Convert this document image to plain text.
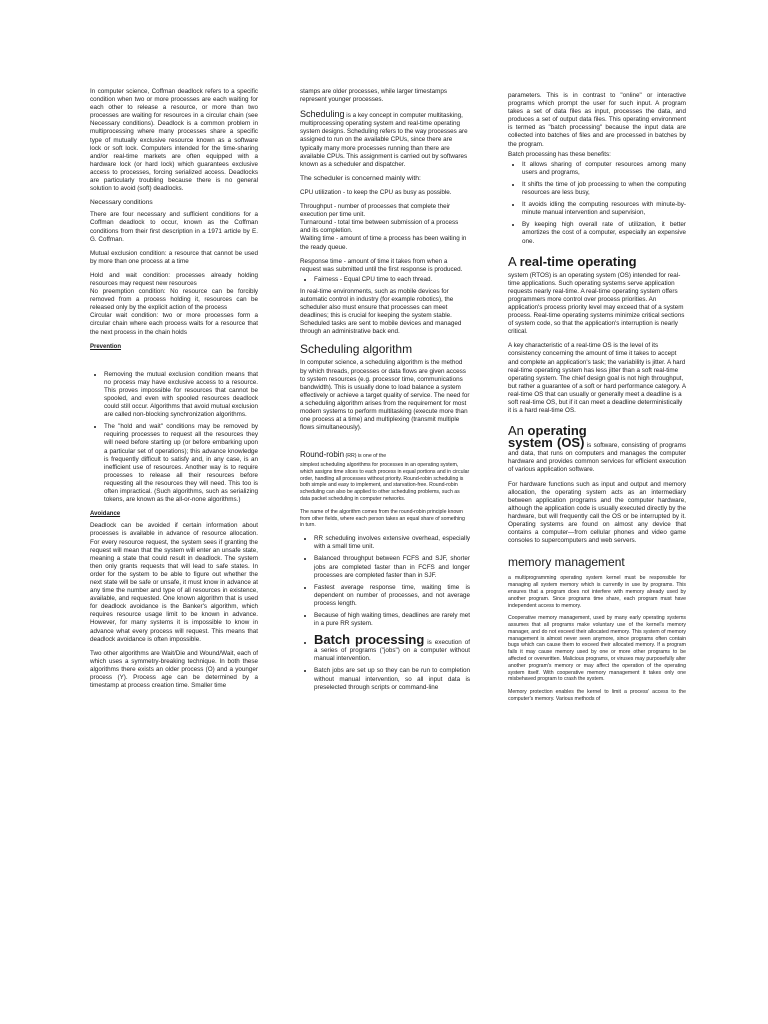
In computer science, Coffman deadlock refers to a specific condition when two or more processes are each waiting for each other to release a resource, or more than two processes are waiting for resources in a circular chain (see Necessary conditions). Deadlock is a common problem in multiprocessing where many processes share a specific type of mutually exclusive resource known as a software lock or soft lock. Computers intended for the time-sharing and/or real-time markets are often equipped with a hardware lock (or hard lock) which guarantees exclusive access to processes, forcing serialized access. Deadlocks are particularly troubling because there is no general solution to avoid (soft) deadlocks.

Necessary conditions

There are four necessary and sufficient conditions for a Coffman deadlock to occur, known as the Coffman conditions from their first description in a 1971 article by E. G. Coffman.

Mutual exclusion condition: a resource that cannot be used by more than one process at a time

Hold and wait condition: processes already holding resources may request new resources

No preemption condition: No resource can be forcibly removed from a process holding it, resources can be released only by the explicit action of the process

Circular wait condition: two or more processes form a circular chain where each process waits for a resource that the next process in the chain holds

Prevention
• Removing the mutual exclusion condition means that no process may have exclusive access to a resource. This proves impossible for resources that cannot be spooled, and even with spooled resources deadlock could still occur. Algorithms that avoid mutual exclusion are called non-blocking synchronization algorithms.
• The "hold and wait" conditions may be removed by requiring processes to request all the resources they will need before starting up (or before embarking upon a particular set of operations); this advance knowledge is frequently difficult to satisfy and, in any case, is an inefficient use of resources. Another way is to require processes to release all their resources before requesting all the resources they will need. This too is often impractical. (Such algorithms, such as serializing tokens, are known as the all-or-none algorithms.)
Avoidance

Deadlock can be avoided if certain information about processes is available in advance of resource allocation. For every resource request, the system sees if granting the request will mean that the system will enter an unsafe state, meaning a state that could result in deadlock. The system then only grants requests that will lead to safe states. In order for the system to be able to figure out whether the next state will be safe or unsafe, it must know in advance at any time the number and type of all resources in existence, available, and requested. One known algorithm that is used for deadlock avoidance is the Banker's algorithm, which requires resource usage limit to be known in advance. However, for many systems it is impossible to know in advance what every process will request. This means that deadlock avoidance is often impossible.

Two other algorithms are Wait/Die and Wound/Wait, each of which uses a symmetry-breaking technique. In both these algorithms there exists an older process (O) and a younger process (Y). Process age can be determined by a timestamp at process creation time. Smaller time

stamps are older processes, while larger timestamps represent younger processes.

Scheduling is a key concept in computer multitasking, multiprocessing operating system and real-time operating system designs. Scheduling refers to the way processes are assigned to run on the available CPUs, since there are typically many more processes running than there are available CPUs. This assignment is carried out by softwares known as a scheduler and dispatcher.

The scheduler is concerned mainly with:

CPU utilization - to keep the CPU as busy as possible.

Throughput - number of processes that complete their execution per time unit.

Turnaround - total time between submission of a process and its completion.

Waiting time - amount of time a process has been waiting in the ready queue.

Response time - amount of time it takes from when a request was submitted until the first response is produced.

• Fairness - Equal CPU time to each thread.

In real-time environments, such as mobile devices for automatic control in industry (for example robotics), the scheduler also must ensure that processes can meet deadlines; this is crucial for keeping the system stable. Scheduled tasks are sent to mobile devices and managed through an administrative back end.

Scheduling algorithm

In computer science, a scheduling algorithm is the method by which threads, processes or data flows are given access to system resources (e.g. processor time, communications bandwidth). This is usually done to load balance a system effectively or achieve a target quality of service. The need for a scheduling algorithm arises from the requirement for most modern systems to perform multitasking (execute more than one process at a time) and multiplexing (transmit multiple flows simultaneously).

Round-robin (RR) is one of the

simplest scheduling algorithms for processes in an operating system, which assigns time slices to each process in equal portions and in circular order, handling all processes without priority. Round-robin scheduling is both simple and easy to implement, and starvation-free. Round-robin scheduling can also be applied to other scheduling problems, such as data packet scheduling in computer networks.

The name of the algorithm comes from the round-robin principle known from other fields, where each person takes an equal share of something in turn.

• RR scheduling involves extensive overhead, especially with a small time unit.
• Balanced throughput between FCFS and SJF, shorter jobs are completed faster than in FCFS and longer processes are completed faster than in SJF.
• Fastest average response time, waiting time is dependent on number of processes, and not average process length.
• Because of high waiting times, deadlines are rarely met in a pure RR system.
• Batch processing is execution of a series of programs ("jobs") on a computer without manual intervention.
• Batch jobs are set up so they can be run to completion without manual intervention, so all input data is preselected through scripts or command-line

parameters. This is in contrast to "online" or interactive programs which prompt the user for such input. A program takes a set of data files as input, processes the data, and produces a set of output data files. This operating environment is termed as "batch processing" because the input data are collected into batches of files and are processed in batches by the program.

Batch processing has these benefits:

• It allows sharing of computer resources among many users and programs,
• It shifts the time of job processing to when the computing resources are less busy,
• It avoids idling the computing resources with minute-by-minute manual intervention and supervision,
• By keeping high overall rate of utilization, it better amortizes the cost of a computer, especially an expensive one.
A real-time operating

system (RTOS) is an operating system (OS) intended for real-time applications. Such operating systems serve application requests nearly real-time. A real-time operating system offers programmers more control over process priorities. An application's process priority level may exceed that of a system process. Real-time operating systems minimize critical sections of system code, so that the application's interruption is nearly critical.

A key characteristic of a real-time OS is the level of its consistency concerning the amount of time it takes to accept and complete an application's task; the variability is jitter. A hard real-time operating system has less jitter than a soft real-time operating system. The chief design goal is not high throughput, but rather a guarantee of a soft or hard performance category. A real-time OS that can usually or generally meet a deadline is a soft real-time OS, but if it can meet a deadline deterministically it is a hard real-time OS.

An operating

system (OS) is software, consisting of programs and data, that runs on computers and manages the computer hardware and provides common services for efficient execution of various application software.

For hardware functions such as input and output and memory allocation, the operating system acts as an intermediary between application programs and the computer hardware, although the application code is usually executed directly by the hardware, but will frequently call the OS or be interrupted by it. Operating systems are found on almost any device that contains a computer—from cellular phones and video game consoles to supercomputers and web servers.

memory management

a multiprogramming operating system kernel must be responsible for managing all system memory which is currently in use by programs. This ensures that a program does not interfere with memory already used by another program. Since programs time share, each program must have independent access to memory.

Cooperative memory management, used by many early operating systems assumes that all programs make voluntary use of the kernel's memory manager, and do not exceed their allocated memory. This system of memory management is almost never seen anymore, since programs often contain bugs which can cause them to exceed their allocated memory. If a program fails it may cause memory used by one or more other programs to be affected or overwritten. Malicious programs, or viruses may purposefully alter another program's memory or may affect the operation of the operating system itself. With cooperative memory management it takes only one misbehaved program to crash the system.

Memory protection enables the kernel to limit a process' access to the computer's memory. Various methods of
